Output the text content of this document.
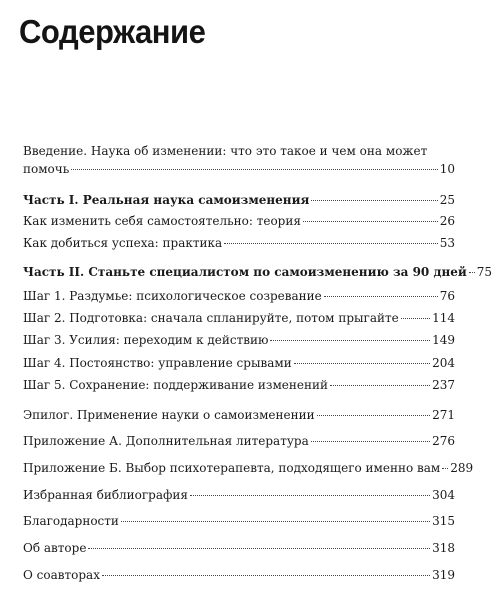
Содержание
Введение. Наука об изменении: что это такое и чем она может
помочь	10
Часть I. Реальная наука самоизменения	25
Как изменить себя самостоятельно: теория	26
Как добиться успеха: практика	53
Часть II. Станьте специалистом по самоизменению за 90 дней 75
Шаг 1. Раздумье: психологическое созревание	76
Шаг 2. Подготовка: сначала спланируйте, потом прыгайте	114
Шаг 3. Усилия: переходим к действию	149
Шаг 4. Постоянство: управление срывами	204
Шаг 5. Сохранение: поддерживание изменений	237
Эпилог. Применение науки о самоизменении	271
Приложение А. Дополнительная литература	276
Приложение Б. Выбор психотерапевта, подходящего именно вам 289
Избранная библиография	304
Благодарности	315
Об авторе	318
О соавторах	319
